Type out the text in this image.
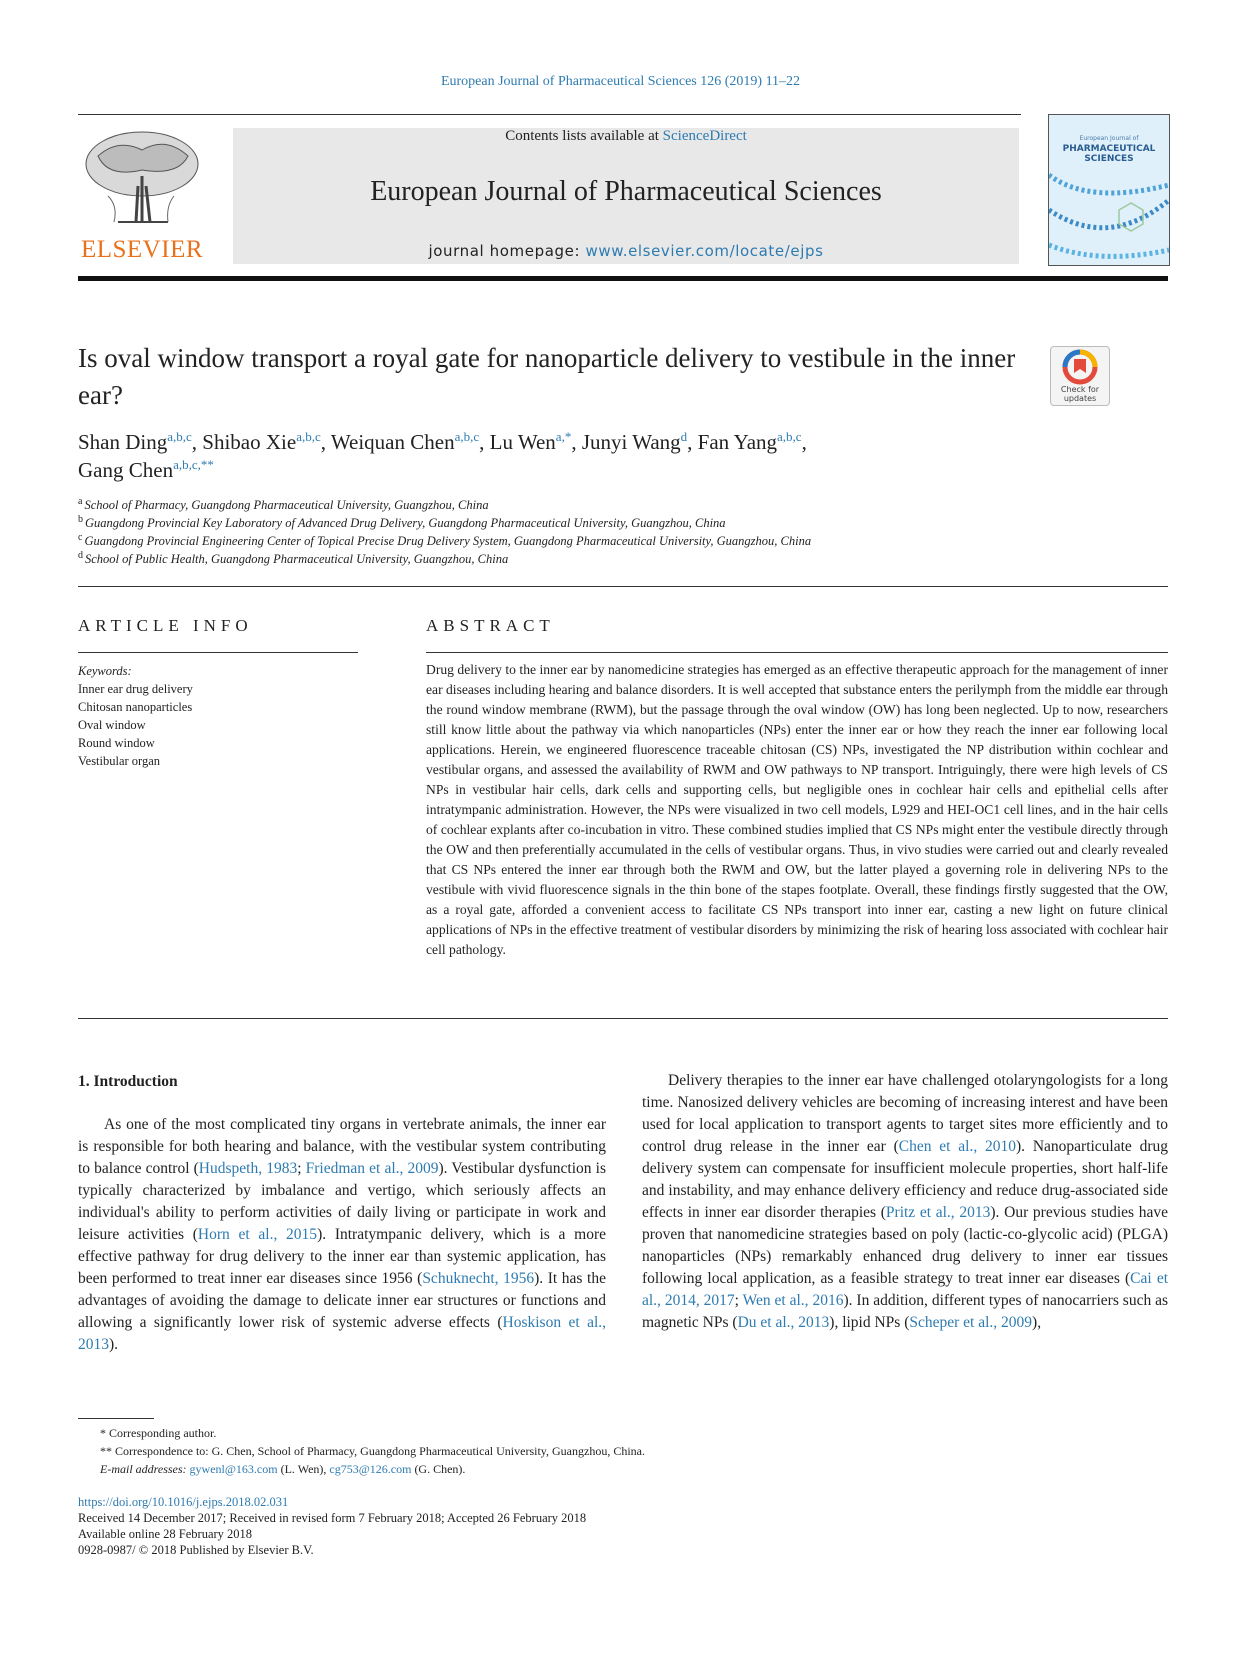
European Journal of Pharmaceutical Sciences 126 (2019) 11–22
ELSEVIER
Contents lists available at ScienceDirect
European Journal of Pharmaceutical Sciences
journal homepage: www.elsevier.com/locate/ejps
European Journal of
PHARMACEUTICAL
SCIENCES
Is oval window transport a royal gate for nanoparticle delivery to vestibule in the inner ear?	Check for updates
Shan Ding$^{a,b,c}$, Shibao Xie$^{a,b,c}$, Weiquan Chen$^{a,b,c}$, Lu Wen$^{a,*}$, Junyi Wang$^d$, Fan Yang$^{a,b,c}$,
Gang Chen$^{a,b,c,**}$
$^a$ School of Pharmacy, Guangdong Pharmaceutical University, Guangzhou, China
$^b$ Guangdong Provincial Key Laboratory of Advanced Drug Delivery, Guangdong Pharmaceutical University, Guangzhou, China
$^c$ Guangdong Provincial Engineering Center of Topical Precise Drug Delivery System, Guangdong Pharmaceutical University, Guangzhou, China
$^d$ School of Public Health, Guangdong Pharmaceutical University, Guangzhou, China
ARTICLE INFO
Keywords:
Inner ear drug delivery
Chitosan nanoparticles
Oval window
Round window
Vestibular organ
ABSTRACT
Drug delivery to the inner ear by nanomedicine strategies has emerged as an effective therapeutic approach for the management of inner ear diseases including hearing and balance disorders. It is well accepted that substance enters the perilymph from the middle ear through the round window membrane (RWM), but the passage through the oval window (OW) has long been neglected. Up to now, researchers still know little about the pathway via which nanoparticles (NPs) enter the inner ear or how they reach the inner ear following local applications. Herein, we engineered fluorescence traceable chitosan (CS) NPs, investigated the NP distribution within cochlear and vestibular organs, and assessed the availability of RWM and OW pathways to NP transport. Intriguingly, there were high levels of CS NPs in vestibular hair cells, dark cells and supporting cells, but negligible ones in cochlear hair cells and epithelial cells after intratympanic administration. However, the NPs were visualized in two cell models, L929 and HEI-OC1 cell lines, and in the hair cells of cochlear explants after co-incubation in vitro. These combined studies implied that CS NPs might enter the vestibule directly through the OW and then preferentially accumulated in the cells of vestibular organs. Thus, in vivo studies were carried out and clearly revealed that CS NPs entered the inner ear through both the RWM and OW, but the latter played a governing role in delivering NPs to the vestibule with vivid fluorescence signals in the thin bone of the stapes footplate. Overall, these findings firstly suggested that the OW, as a royal gate, afforded a convenient access to facilitate CS NPs transport into inner ear, casting a new light on future clinical applications of NPs in the effective treatment of vestibular disorders by minimizing the risk of hearing loss associated with cochlear hair cell pathology.
1. Introduction
As one of the most complicated tiny organs in vertebrate animals, the inner ear is responsible for both hearing and balance, with the vestibular system contributing to balance control (Hudspeth, 1983; Friedman et al., 2009). Vestibular dysfunction is typically characterized by imbalance and vertigo, which seriously affects an individual's ability to perform activities of daily living or participate in work and leisure activities (Horn et al., 2015). Intratympanic delivery, which is a more effective pathway for drug delivery to the inner ear than systemic application, has been performed to treat inner ear diseases since 1956 (Schuknecht, 1956). It has the advantages of avoiding the damage to delicate inner ear structures or functions and allowing a significantly lower risk of systemic adverse effects (Hoskison et al., 2013).
Delivery therapies to the inner ear have challenged otolaryngologists for a long time. Nanosized delivery vehicles are becoming of increasing interest and have been used for local application to transport agents to target sites more efficiently and to control drug release in the inner ear (Chen et al., 2010). Nanoparticulate drug delivery system can compensate for insufficient molecule properties, short half-life and instability, and may enhance delivery efficiency and reduce drug-associated side effects in inner ear disorder therapies (Pritz et al., 2013). Our previous studies have proven that nanomedicine strategies based on poly (lactic-co-glycolic acid) (PLGA) nanoparticles (NPs) remarkably enhanced drug delivery to inner ear tissues following local application, as a feasible strategy to treat inner ear diseases (Cai et al., 2014, 2017; Wen et al., 2016). In addition, different types of nanocarriers such as magnetic NPs (Du et al., 2013), lipid NPs (Scheper et al., 2009),
* Corresponding author.
** Correspondence to: G. Chen, School of Pharmacy, Guangdong Pharmaceutical University, Guangzhou, China.
E-mail addresses: gywenl@163.com (L. Wen), cg753@126.com (G. Chen).
https://doi.org/10.1016/j.ejps.2018.02.031
Received 14 December 2017; Received in revised form 7 February 2018; Accepted 26 February 2018
Available online 28 February 2018
0928-0987/ © 2018 Published by Elsevier B.V.
